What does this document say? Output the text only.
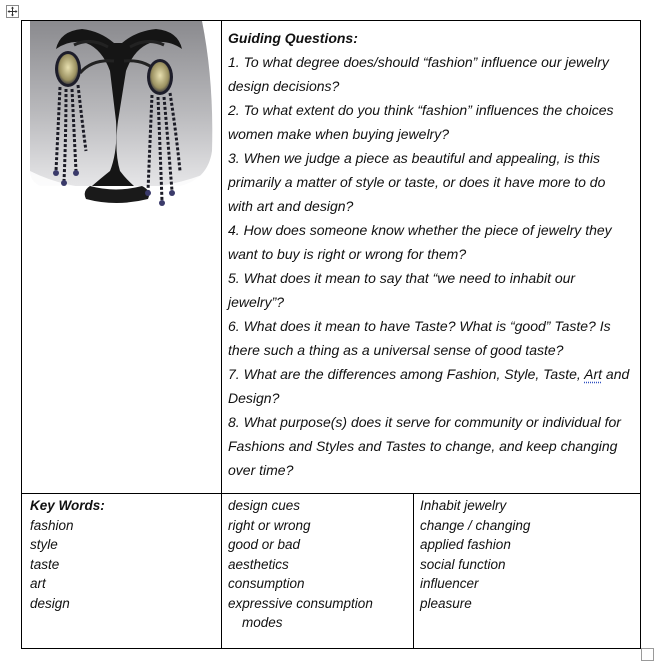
Guiding Questions:

1. To what degree does/should “fashion” influence our jewelry design decisions?

2. To what extent do you think “fashion” influences the choices women make when buying jewelry?

3. When we judge a piece as beautiful and appealing, is this primarily a matter of style or taste, or does it have more to do with art and design?

4. How does someone know whether the piece of jewelry they want to buy is right or wrong for them?

5. What does it mean to say that “we need to inhabit our jewelry”?

6. What does it mean to have Taste? What is “good” Taste? Is there such a thing as a universal sense of good taste?

7. What are the differences among Fashion, Style, Taste, Art and Design?

8. What purpose(s) does it serve for community or individual for Fashions and Styles and Tastes to change, and keep changing over time?

Key Words:
fashion
style
taste
art
design
design cues
right or wrong
good or bad
aesthetics
consumption
expressive consumption
modes
Inhabit jewelry
change / changing
applied fashion
social function
influencer
pleasure
